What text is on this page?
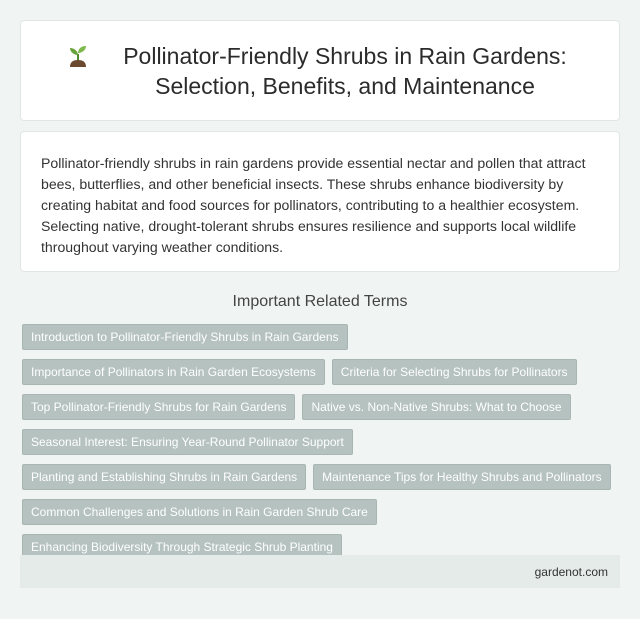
Pollinator-Friendly Shrubs in Rain Gardens: Selection, Benefits, and Maintenance

Pollinator-friendly shrubs in rain gardens provide essential nectar and pollen that attract bees, butterflies, and other beneficial insects. These shrubs enhance biodiversity by creating habitat and food sources for pollinators, contributing to a healthier ecosystem. Selecting native, drought-tolerant shrubs ensures resilience and supports local wildlife throughout varying weather conditions.

Important Related Terms
Introduction to Pollinator-Friendly Shrubs in Rain Gardens
Importance of Pollinators in Rain Garden Ecosystems	Criteria for Selecting Shrubs for Pollinators
Top Pollinator-Friendly Shrubs for Rain Gardens	Native vs. Non-Native Shrubs: What to Choose
Seasonal Interest: Ensuring Year-Round Pollinator Support
Planting and Establishing Shrubs in Rain Gardens	Maintenance Tips for Healthy Shrubs and Pollinators
Common Challenges and Solutions in Rain Garden Shrub Care
Enhancing Biodiversity Through Strategic Shrub Planting
gardenot.com
